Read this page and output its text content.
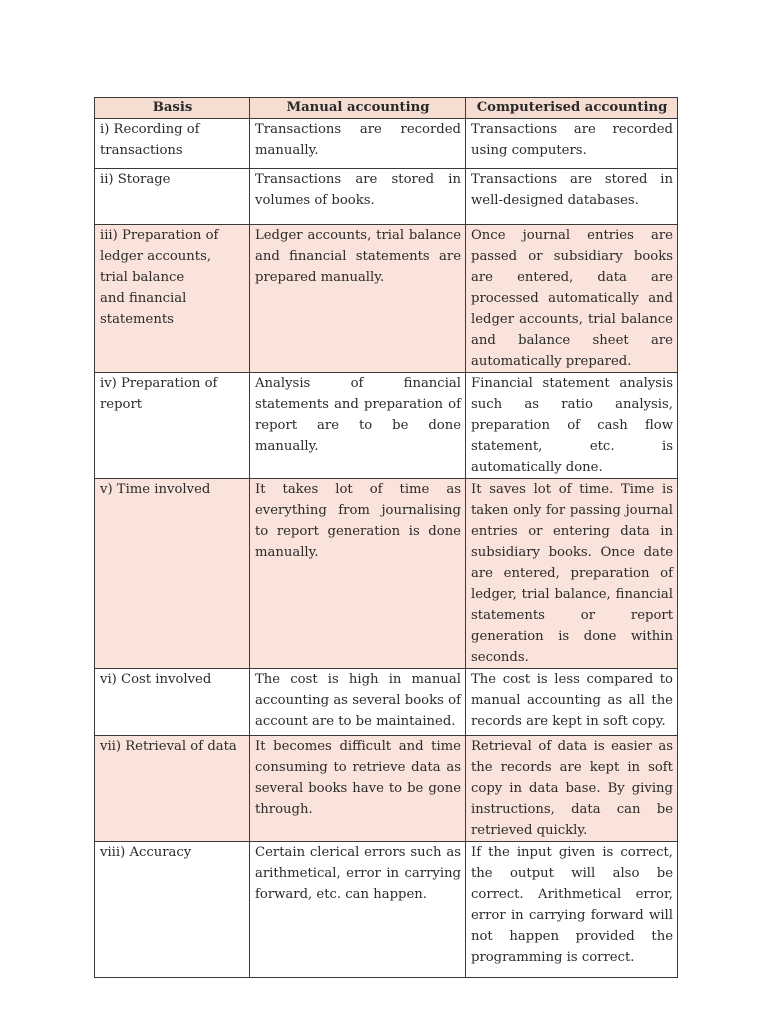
Basis	Manual accounting	Computerised accounting
i) Recording of
transactions	Transactions are recorded manually.	Transactions are recorded using computers.
ii) Storage	Transactions are stored in volumes of books.	Transactions are stored in well-designed databases.
iii) Preparation of
ledger accounts,
trial balance
and financial
statements	Ledger accounts, trial balance and financial statements are prepared manually.	Once journal entries are passed or subsidiary books are entered, data are processed automatically and ledger accounts, trial balance and balance sheet are automatically prepared.
iv) Preparation of
report	Analysis of financial statements and preparation of report are to be done manually.	Financial statement analysis such as ratio analysis, preparation of cash flow statement, etc. is automatically done.
v) Time involved	It takes lot of time as everything from journalising to report generation is done manually.	It saves lot of time. Time is taken only for passing journal entries or entering data in subsidiary books. Once date are entered, preparation of ledger, trial balance, financial statements or report generation is done within seconds.
vi) Cost involved	The cost is high in manual accounting as several books of account are to be maintained.	The cost is less compared to manual accounting as all the records are kept in soft copy.
vii) Retrieval of data	It becomes difficult and time consuming to retrieve data as several books have to be gone through.	Retrieval of data is easier as the records are kept in soft copy in data base. By giving instructions, data can be retrieved quickly.
viii) Accuracy	Certain clerical errors such as arithmetical, error in carrying forward, etc. can happen.	If the input given is correct, the output will also be correct. Arithmetical error, error in carrying forward will not happen provided the programming is correct.
